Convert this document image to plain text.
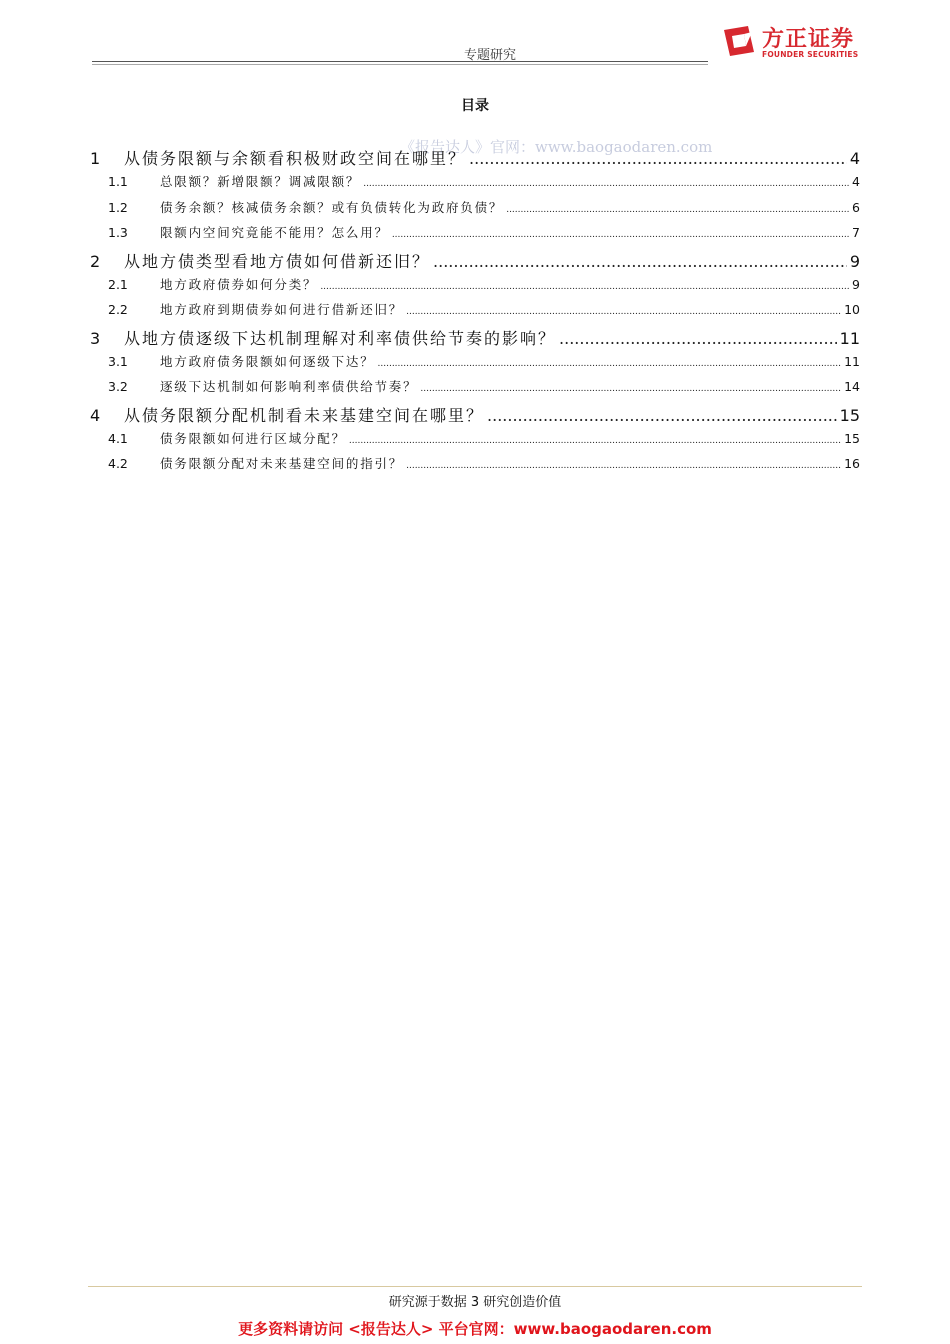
专题研究
方正证券
FOUNDER SECURITIES
目录
《报告达人》官网：www.baogaodaren.com
1	从债务限额与余额看积极财政空间在哪里？ .....	4
1.1	总限额？新增限额？调减限额？ .....	4
1.2	债务余额？核减债务余额？或有负债转化为政府负债？ .....	6
1.3	限额内空间究竟能不能用？怎么用？ .....	7
2	从地方债类型看地方债如何借新还旧？ .....	9
2.1	地方政府债券如何分类？ .....	9
2.2	地方政府到期债券如何进行借新还旧？ .....	10
3	从地方债逐级下达机制理解对利率债供给节奏的影响？ .....	11
3.1	地方政府债务限额如何逐级下达？ .....	11
3.2	逐级下达机制如何影响利率债供给节奏？ .....	14
4	从债务限额分配机制看未来基建空间在哪里？ .....	15
4.1	债务限额如何进行区域分配？ .....	15
4.2	债务限额分配对未来基建空间的指引？ .....	16
研究源于数据 3 研究创造价值
更多资料请访问 <报告达人> 平台官网：www.baogaodaren.com
